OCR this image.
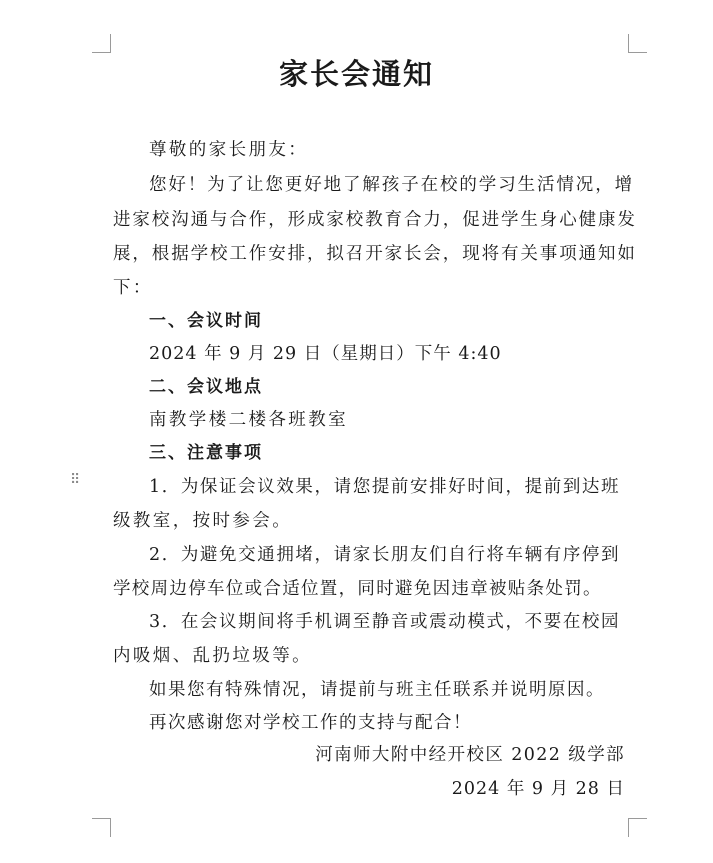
⠿
家长会通知
尊敬的家长朋友：
您好！为了让您更好地了解孩子在校的学习生活情况，增
进家校沟通与合作，形成家校教育合力，促进学生身心健康发
展，根据学校工作安排，拟召开家长会，现将有关事项通知如
下：
一、会议时间
2024 年 9 月 29 日（星期日）下午 4:40
二、会议地点
南教学楼二楼各班教室
三、注意事项
1．为保证会议效果，请您提前安排好时间，提前到达班
级教室，按时参会。
2．为避免交通拥堵，请家长朋友们自行将车辆有序停到
学校周边停车位或合适位置，同时避免因违章被贴条处罚。
3．在会议期间将手机调至静音或震动模式，不要在校园
内吸烟、乱扔垃圾等。
如果您有特殊情况，请提前与班主任联系并说明原因。
再次感谢您对学校工作的支持与配合！
河南师大附中经开校区 2022 级学部
2024 年 9 月 28 日
